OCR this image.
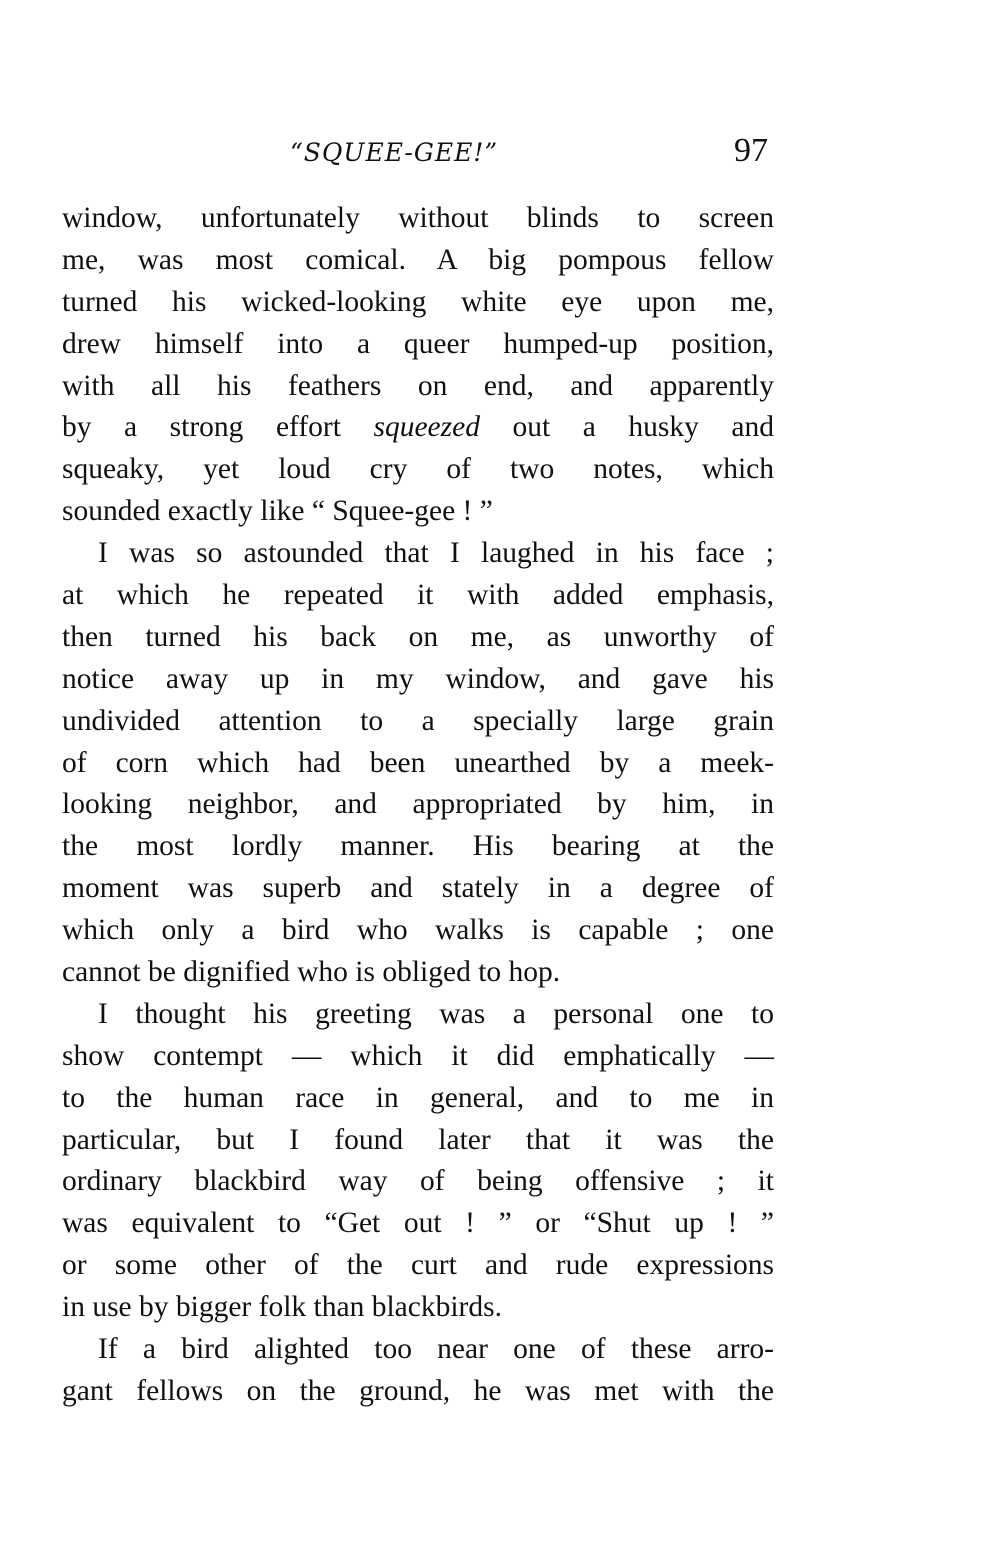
“SQUEE-GEE!”	97
window, unfortunately without blinds to screen
me, was most comical. A big pompous fellow
turned his wicked-looking white eye upon me,
drew himself into a queer humped-up position,
with all his feathers on end, and apparently
by a strong effort squeezed out a husky and
squeaky, yet loud cry of two notes, which
sounded exactly like “ Squee-gee ! ”
I was so astounded that I laughed in his face ;
at which he repeated it with added emphasis,
then turned his back on me, as unworthy of
notice away up in my window, and gave his
undivided attention to a specially large grain
of corn which had been unearthed by a meek-
looking neighbor, and appropriated by him, in
the most lordly manner. His bearing at the
moment was superb and stately in a degree of
which only a bird who walks is capable ; one
cannot be dignified who is obliged to hop.
I thought his greeting was a personal one to
show contempt — which it did emphatically —
to the human race in general, and to me in
particular, but I found later that it was the
ordinary blackbird way of being offensive ; it
was equivalent to “Get out ! ” or “Shut up ! ”
or some other of the curt and rude expressions
in use by bigger folk than blackbirds.
If a bird alighted too near one of these arro-
gant fellows on the ground, he was met with the
